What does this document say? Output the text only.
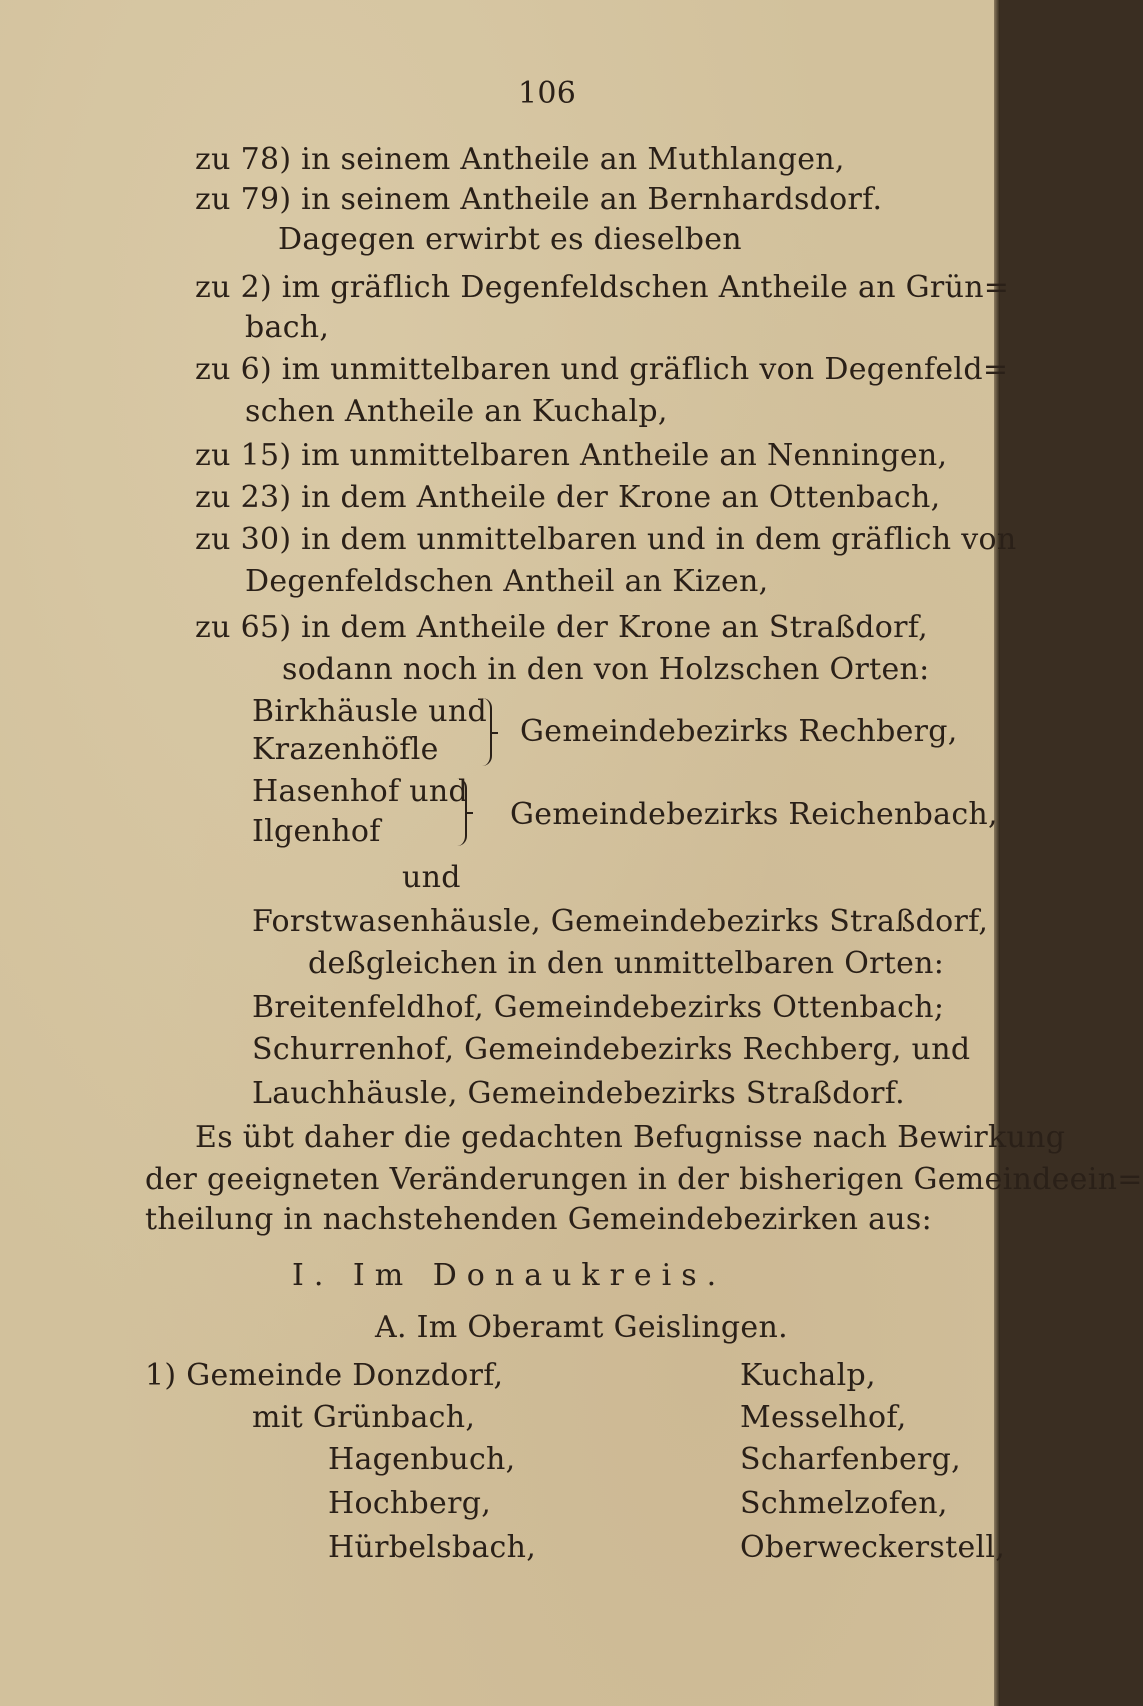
106
zu 78) in seinem Antheile an Muthlangen,
zu 79) in seinem Antheile an Bernhardsdorf.
Dagegen erwirbt es dieselben
zu 2) im gräflich Degenfeldschen Antheile an Grün=
bach,
zu 6) im unmittelbaren und gräflich von Degenfeld=
schen Antheile an Kuchalp,
zu 15) im unmittelbaren Antheile an Nenningen,
zu 23) in dem Antheile der Krone an Ottenbach,
zu 30) in dem unmittelbaren und in dem gräflich von
Degenfeldschen Antheil an Kizen,
zu 65) in dem Antheile der Krone an Straßdorf,
sodann noch in den von Holzschen Orten:
Birkhäusle und
Krazenhöfle
Gemeindebezirks Rechberg,
Hasenhof und
Ilgenhof	Gemeindebezirks Reichenbach,
und
Forstwasenhäusle, Gemeindebezirks Straßdorf,
deßgleichen in den unmittelbaren Orten:
Breitenfeldhof, Gemeindebezirks Ottenbach;
Schurrenhof, Gemeindebezirks Rechberg, und
Lauchhäusle, Gemeindebezirks Straßdorf.
Es übt daher die gedachten Befugnisse nach Bewirkung
der geeigneten Veränderungen in der bisherigen Gemeindeein=
theilung in nachstehenden Gemeindebezirken aus:
I. Im Donaukreis.
A. Im Oberamt Geislingen.
1) Gemeinde Donzdorf,
mit Grünbach,
Hagenbuch,
Hochberg,
Hürbelsbach,
Kuchalp,
Messelhof,
Scharfenberg,
Schmelzofen,
Oberweckerstell,
